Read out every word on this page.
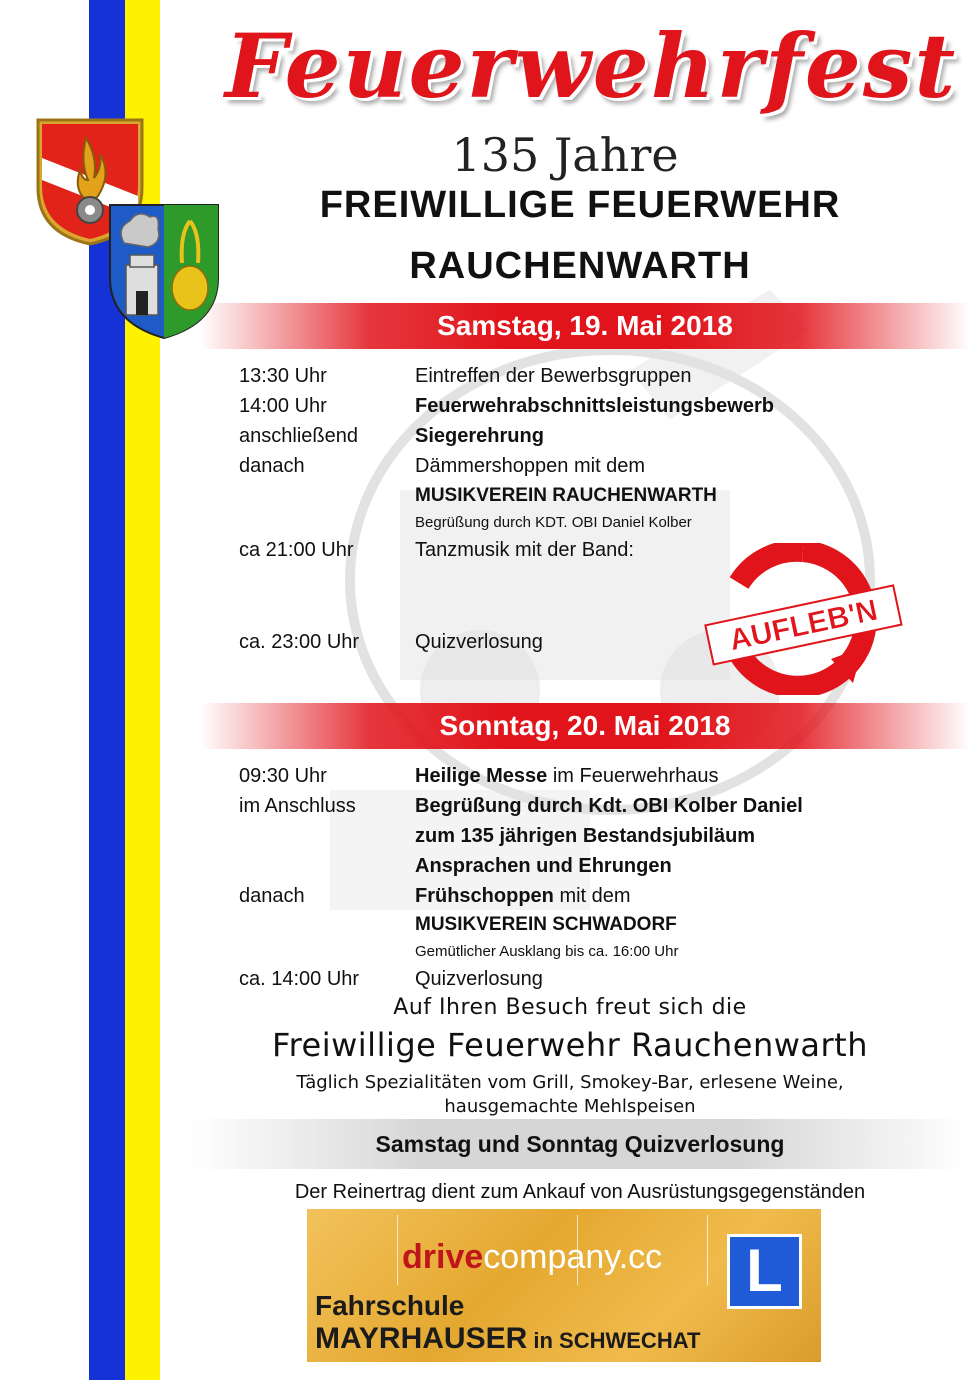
Feuerwehrfest
135 Jahre
FREIWILLIGE FEUERWEHR
RAUCHENWARTH
Samstag, 19. Mai 2018
13:30 Uhr	Eintreffen der Bewerbsgruppen
14:00 Uhr	Feuerwehrabschnittsleistungsbewerb
anschließend	Siegerehrung
danach	Dämmershoppen mit dem
MUSIKVEREIN RAUCHENWARTH
Begrüßung durch KDT. OBI Daniel Kolber
ca 21:00 Uhr	Tanzmusik mit der Band:
ca. 23:00 Uhr	Quizverlosung	AUFLEB'N
Sonntag, 20. Mai 2018
09:30 Uhr	Heilige Messe im Feuerwehrhaus
im Anschluss	Begrüßung durch Kdt. OBI Kolber Daniel
zum 135 jährigen Bestandsjubiläum
Ansprachen und Ehrungen
danach	Frühschoppen mit dem
MUSIKVEREIN SCHWADORF
Gemütlicher Ausklang bis ca. 16:00 Uhr
ca. 14:00 Uhr	Quizverlosung
Auf Ihren Besuch freut sich die
Freiwillige Feuerwehr Rauchenwarth
Täglich Spezialitäten vom Grill, Smokey-Bar, erlesene Weine,
hausgemachte Mehlspeisen
Samstag und Sonntag Quizverlosung
Der Reinertrag dient zum Ankauf von Ausrüstungsgegenständen
drivecompany.cc	L
Fahrschule
MAYRHAUSER in SCHWECHAT
